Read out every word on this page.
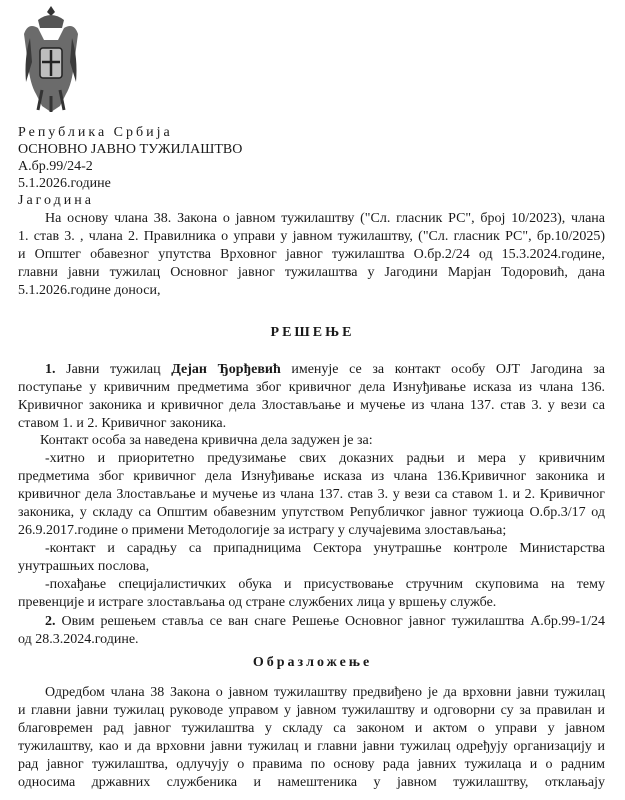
Република Србија
ОСНОВНО ЈАВНО ТУЖИЛАШТВО
А.бр.99/24-2
5.1.2026.године
Јагодина
На основу члана 38. Закона о јавном тужилаштву ("Сл. гласник РС", број 10/2023), члана
1. став 3. , члана 2. Правилника о управи у јавном тужилаштву, ("Сл. гласник РС", бр.10/2025)
и Општег обавезног упутства Врховног јавног тужилаштва О.бр.2/24 од 15.3.2024.године,
главни јавни тужилац Основног јавног тужилаштва у Јагодини Марјан Тодоровић, дана
5.1.2026.године доноси,
РЕШЕЊЕ
1. Јавни тужилац Дејан Ђорђевић именује се за контакт особу ОЈТ Јагодина за
поступање у кривичним предметима због кривичног дела Изнуђивање исказа из члана 136.
Кривичног законика и кривичног дела Злостављање и мучење из члана 137. став 3. у вези са
ставом 1. и 2. Кривичног законика.
Контакт особа за наведена кривична дела задужен је за:
-хитно и приоритетно предузимање свих доказних радњи и мера у кривичним
предметима због кривичног дела Изнуђивање исказа из члана 136.Кривичног законика и
кривичног дела Злостављање и мучење из члана 137. став 3. у вези са ставом 1. и 2. Кривичног
законика, у складу са Општим обавезним упутством Републичког јавног тужиоца О.бр.3/17 од
26.9.2017.године о примени Методологије за истрагу у случајевима злостављања;
-контакт и сарадњу са припадницима Сектора унутрашње контроле Министарства
унутрашњих послова,
-похађање специјалистичких обука и присуствовање стручним скуповима на тему
превенције и истраге злостављања од стране службених лица у вршењу службе.
2. Овим решењем ставља се ван снаге Решење Основног јавног тужилаштва А.бр.99-1/24
од 28.3.2024.године.
Образложење
Одредбом члана 38 Закона о јавном тужилаштву предвиђено је да врховни јавни тужилац
и главни јавни тужилац руководе управом у јавном тужилаштву и одговорни су за правилан и
благовремен рад јавног тужилаштва у складу са законом и актом о управи у јавном
тужилаштву, као и да врховни јавни тужилац и главни јавни тужилац одређују организацију и
рад јавног тужилаштва, одлучују о правима по основу рада јавних тужилаца и о радним
односима државних службеника и намештеника у јавном тужилаштву, отклањају
